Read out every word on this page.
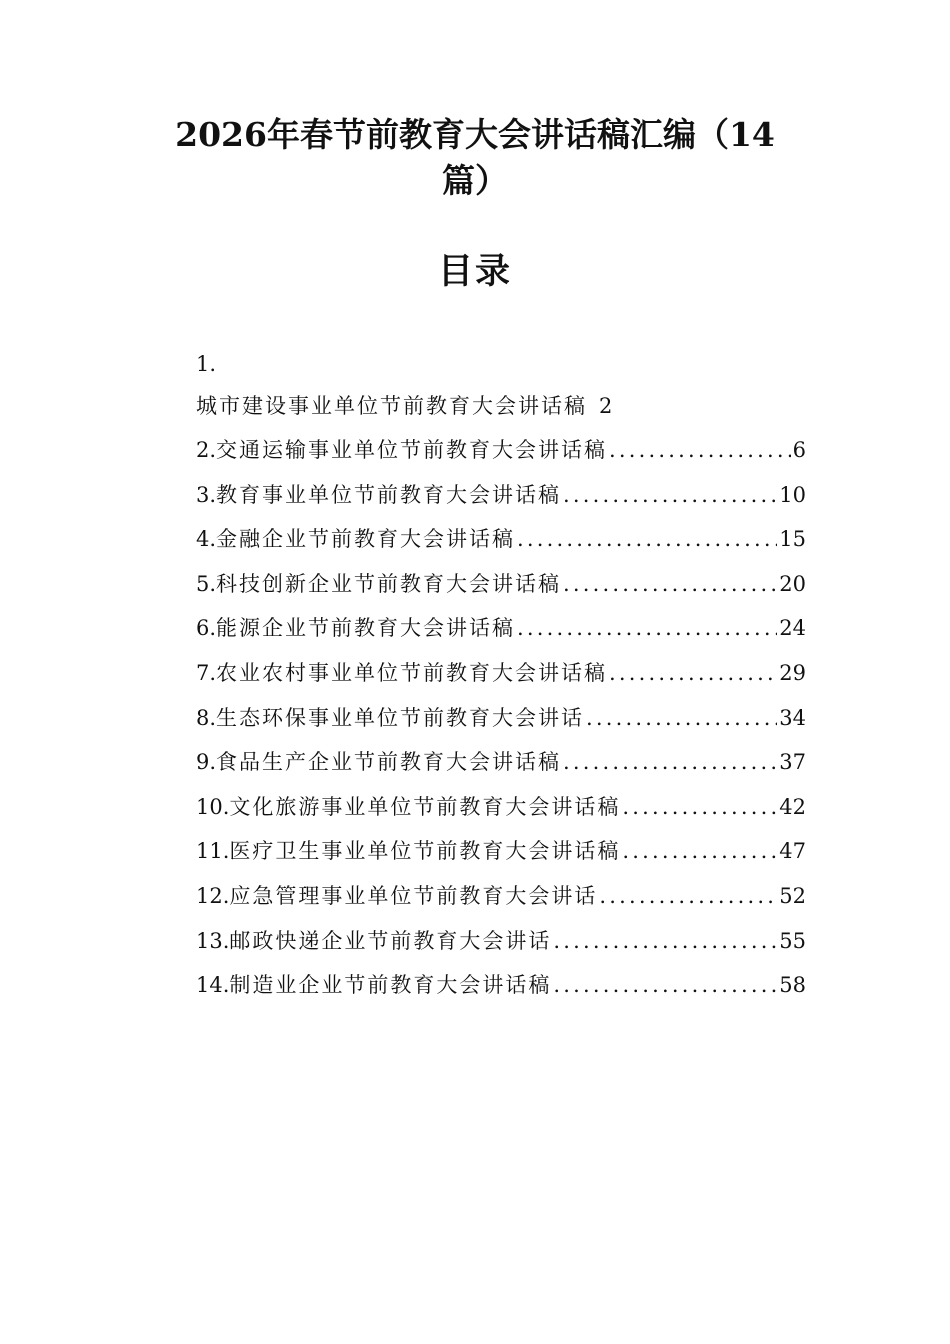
2026年春节前教育大会讲话稿汇编（14篇）
目录
1.
城市建设事业单位节前教育大会讲话稿 2
2.交通运输事业单位节前教育大会讲话稿 .....	6
3.教育事业单位节前教育大会讲话稿 .....	10
4.金融企业节前教育大会讲话稿 .....	15
5.科技创新企业节前教育大会讲话稿 .....	20
6.能源企业节前教育大会讲话稿 .....	24
7.农业农村事业单位节前教育大会讲话稿 .....	29
8.生态环保事业单位节前教育大会讲话 .....	34
9.食品生产企业节前教育大会讲话稿 .....	37
10.文化旅游事业单位节前教育大会讲话稿 .....	42
11.医疗卫生事业单位节前教育大会讲话稿 .....	47
12.应急管理事业单位节前教育大会讲话 .....	52
13.邮政快递企业节前教育大会讲话 .....	55
14.制造业企业节前教育大会讲话稿 .....	58
